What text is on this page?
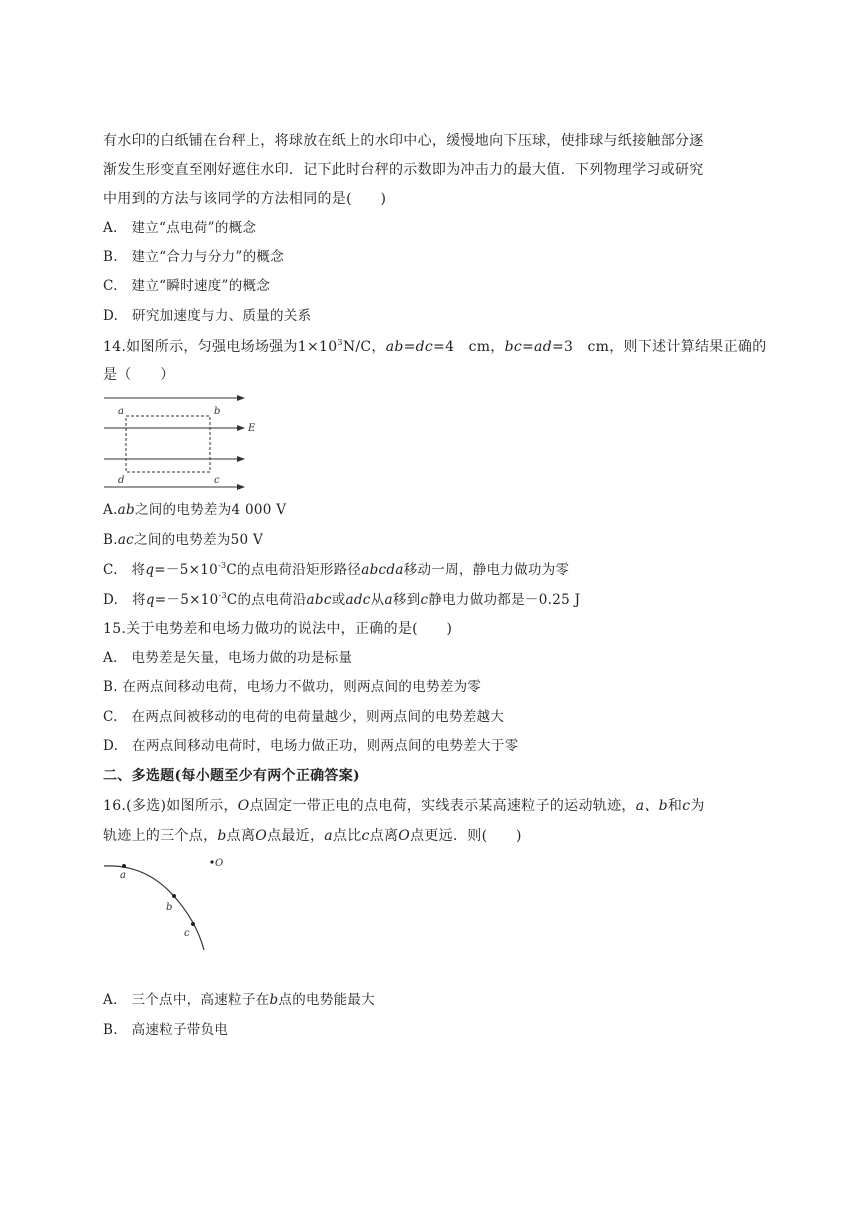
有水印的白纸铺在台秤上，将球放在纸上的水印中心，缓慢地向下压球，使排球与纸接触部分逐
渐发生形变直至刚好遮住水印．记下此时台秤的示数即为冲击力的最大值．下列物理学习或研究
中用到的方法与该同学的方法相同的是(　　)
A.　建立“点电荷”的概念
B.　建立“合力与分力”的概念
C.　建立“瞬时速度”的概念
D.　研究加速度与力、质量的关系
14.如图所示，匀强电场场强为$1\times 10^3N/C$，ab=dc=4　cm，bc=ad=3　cm，则下述计算结果正确的
是（　　）
a	b
c
d
E
A.ab之间的电势差为4 000 V
B.ac之间的电势差为50 V
C.　将$q=-5\times 10^{-3}C$的点电荷沿矩形路径abcda移动一周，静电力做功为零
D.　将$q=-5\times 10^{-3}C$的点电荷沿abc或adc从a移到c静电力做功都是－0.25 J
15.关于电势差和电场力做功的说法中，正确的是(　　)
A.　电势差是矢量，电场力做的功是标量
B. 在两点间移动电荷，电场力不做功，则两点间的电势差为零
C.　在两点间被移动的电荷的电荷量越少，则两点间的电势差越大
D.　在两点间移动电荷时，电场力做正功，则两点间的电势差大于零
二、多选题(每小题至少有两个正确答案)
16.(多选)如图所示，O点固定一带正电的点电荷，实线表示某高速粒子的运动轨迹，a、b和c为
轨迹上的三个点，b点离O点最近，a点比c点离O点更远．则(　　)
O
a
b
c
A.　三个点中，高速粒子在b点的电势能最大
B.　高速粒子带负电
